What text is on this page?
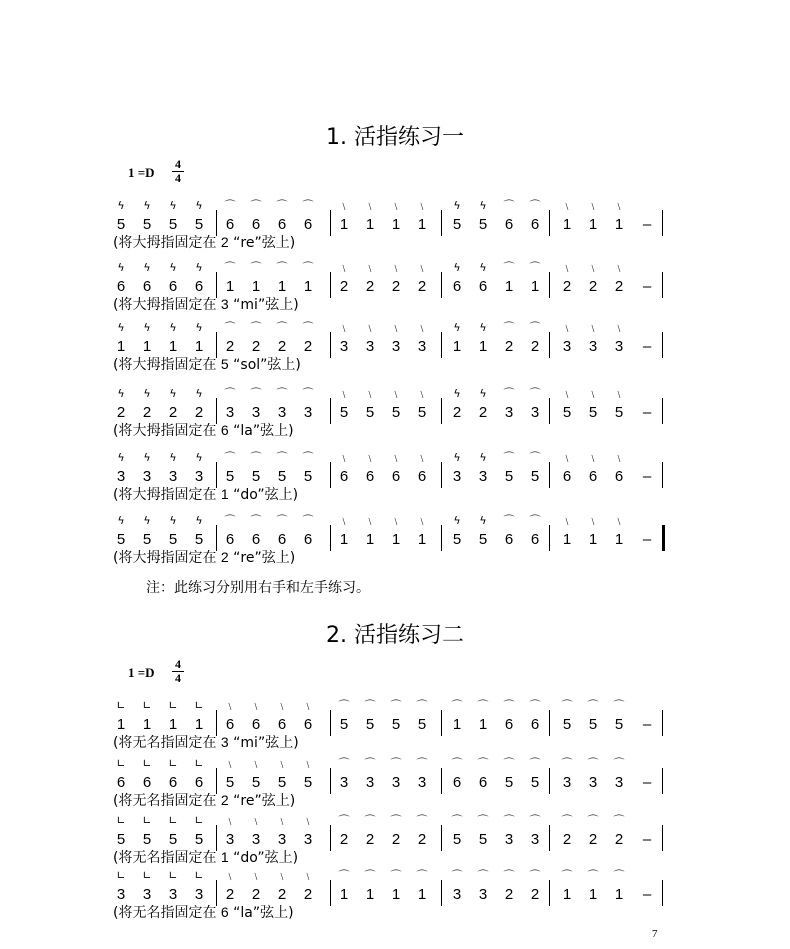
1. 活指练习一
$1 =D \frac{4}{4}$
5
ϟ
5
ϟ
5
ϟ
5
ϟ
6
⌒
6
⌒
6
⌒
6
⌒
1
﹨
1
﹨
1
﹨
1
﹨
5
ϟ
5
ϟ
6
⌒
6
⌒
1
﹨
1
﹨
1
﹨
–
(将大拇指固定在 2 “re”弦上)
6
ϟ
6
ϟ
6
ϟ
6
ϟ
1
⌒
1
⌒
1
⌒
1
⌒
2
﹨
2
﹨
2
﹨
2
﹨
6
ϟ
6
ϟ
1
⌒
1
⌒
2
﹨
2
﹨
2
﹨
–
(将大拇指固定在 3 “mi”弦上)
1
ϟ
1
ϟ
1
ϟ
1
ϟ
2
⌒
2
⌒
2
⌒
2
⌒
3
﹨
3
﹨
3
﹨
3
﹨
1
ϟ
1
ϟ
2
⌒
2
⌒
3
﹨
3
﹨
3
﹨
–
(将大拇指固定在 5 “sol”弦上)
2
ϟ
2
ϟ
2
ϟ
2
ϟ
3
⌒
3
⌒
3
⌒
3
⌒
5
﹨
5
﹨
5
﹨
5
﹨
2
ϟ
2
ϟ
3
⌒
3
⌒
5
﹨
5
﹨
5
﹨
–
(将大拇指固定在 6 “la”弦上)
3
ϟ
3
ϟ
3
ϟ
3
ϟ
5
⌒
5
⌒
5
⌒
5
⌒
6
﹨
6
﹨
6
﹨
6
﹨
3
ϟ
3
ϟ
5
⌒
5
⌒
6
﹨
6
﹨
6
﹨
–
(将大拇指固定在 1 “do”弦上)
5
ϟ
5
ϟ
5
ϟ
5
ϟ
6
⌒
6
⌒
6
⌒
6
⌒
1
﹨
1
﹨
1
﹨
1
﹨
5
ϟ
5
ϟ
6
⌒
6
⌒
1
﹨
1
﹨
1
﹨
–
(将大拇指固定在 2 “re”弦上)
注：此练习分别用右手和左手练习。
2. 活指练习二
$1 =D \frac{4}{4}$
1
∟
1
∟
1
∟
1
∟
6
﹨
6
﹨
6
﹨
6
﹨
5
⌒
5
⌒
5
⌒
5
⌒
1
⌒
1
⌒
6
⌒
6
⌒
5
⌒
5
⌒
5
⌒
–
(将无名指固定在 3 “mi”弦上)
6
∟
6
∟
6
∟
6
∟
5
﹨
5
﹨
5
﹨
5
﹨
3
⌒
3
⌒
3
⌒
3
⌒
6
⌒
6
⌒
5
⌒
5
⌒
3
⌒
3
⌒
3
⌒
–
(将无名指固定在 2 “re”弦上)
5
∟
5
∟
5
∟
5
∟
3
﹨
3
﹨
3
﹨
3
﹨
2
⌒
2
⌒
2
⌒
2
⌒
5
⌒
5
⌒
3
⌒
3
⌒
2
⌒
2
⌒
2
⌒
–
(将无名指固定在 1 “do”弦上)
3
∟
3
∟
3
∟
3
∟
2
﹨
2
﹨
2
﹨
2
﹨
1
⌒
1
⌒
1
⌒
1
⌒
3
⌒
3
⌒
2
⌒
2
⌒
1
⌒
1
⌒
1
⌒
–
(将无名指固定在 6 “la”弦上)
7
